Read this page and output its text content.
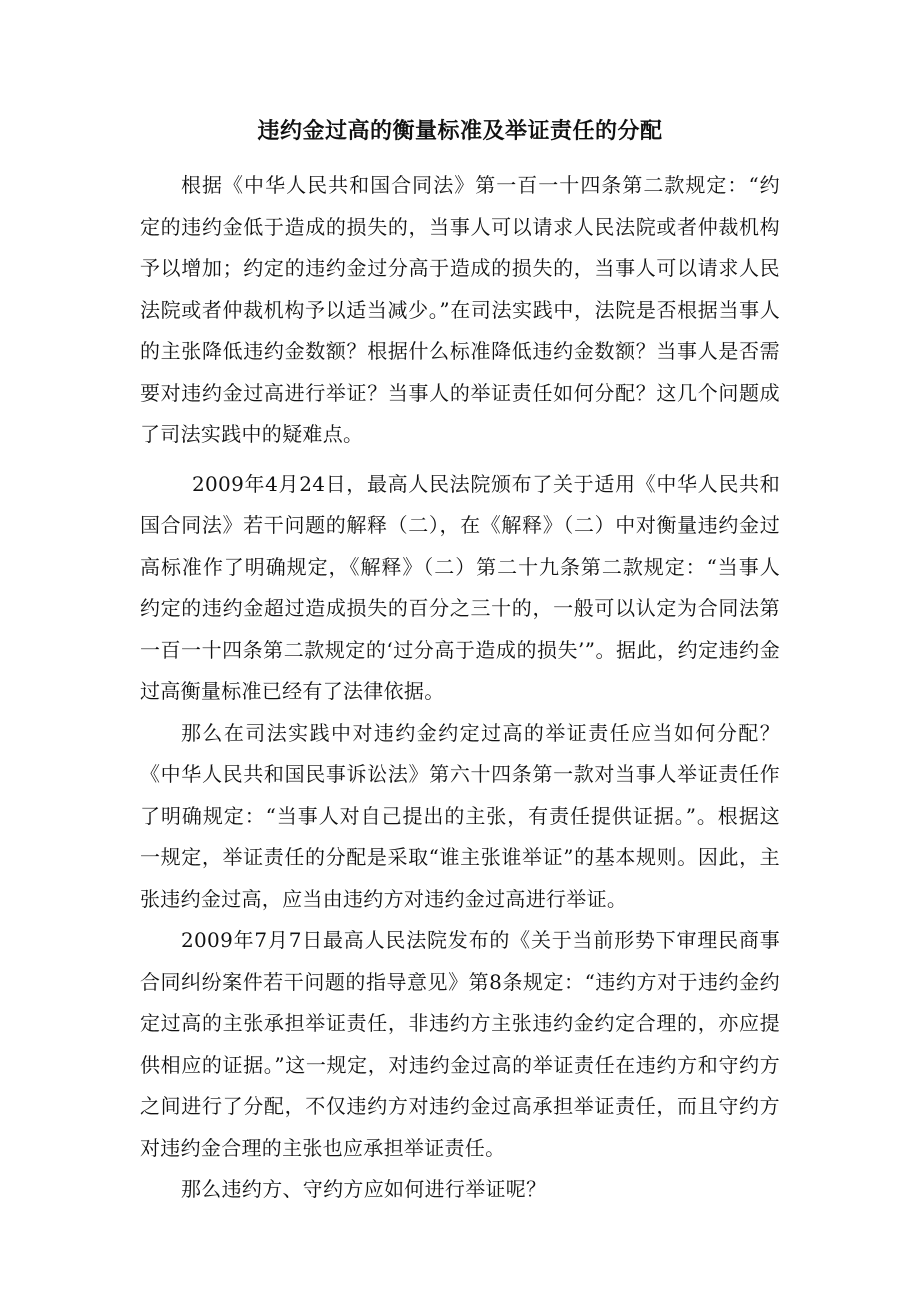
违约金过高的衡量标准及举证责任的分配

根据《中华人民共和国合同法》第一百一十四条第二款规定：“约定的违约金低于造成的损失的，当事人可以请求人民法院或者仲裁机构予以增加；约定的违约金过分高于造成的损失的，当事人可以请求人民法院或者仲裁机构予以适当减少。”在司法实践中，法院是否根据当事人的主张降低违约金数额？根据什么标准降低违约金数额？当事人是否需要对违约金过高进行举证？当事人的举证责任如何分配？这几个问题成了司法实践中的疑难点。

2009年4月24日，最高人民法院颁布了关于适用《中华人民共和国合同法》若干问题的解释（二），在《解释》（二）中对衡量违约金过高标准作了明确规定，《解释》（二）第二十九条第二款规定：“当事人约定的违约金超过造成损失的百分之三十的，一般可以认定为合同法第一百一十四条第二款规定的‘过分高于造成的损失’”。据此，约定违约金过高衡量标准已经有了法律依据。

那么在司法实践中对违约金约定过高的举证责任应当如何分配？《中华人民共和国民事诉讼法》第六十四条第一款对当事人举证责任作了明确规定：“当事人对自己提出的主张，有责任提供证据。”。根据这一规定，举证责任的分配是采取“谁主张谁举证”的基本规则。因此，主张违约金过高，应当由违约方对违约金过高进行举证。

2009年7月7日最高人民法院发布的《关于当前形势下审理民商事合同纠纷案件若干问题的指导意见》第8条规定：“违约方对于违约金约定过高的主张承担举证责任，非违约方主张违约金约定合理的，亦应提供相应的证据。”这一规定，对违约金过高的举证责任在违约方和守约方之间进行了分配，不仅违约方对违约金过高承担举证责任，而且守约方对违约金合理的主张也应承担举证责任。

那么违约方、守约方应如何进行举证呢？
